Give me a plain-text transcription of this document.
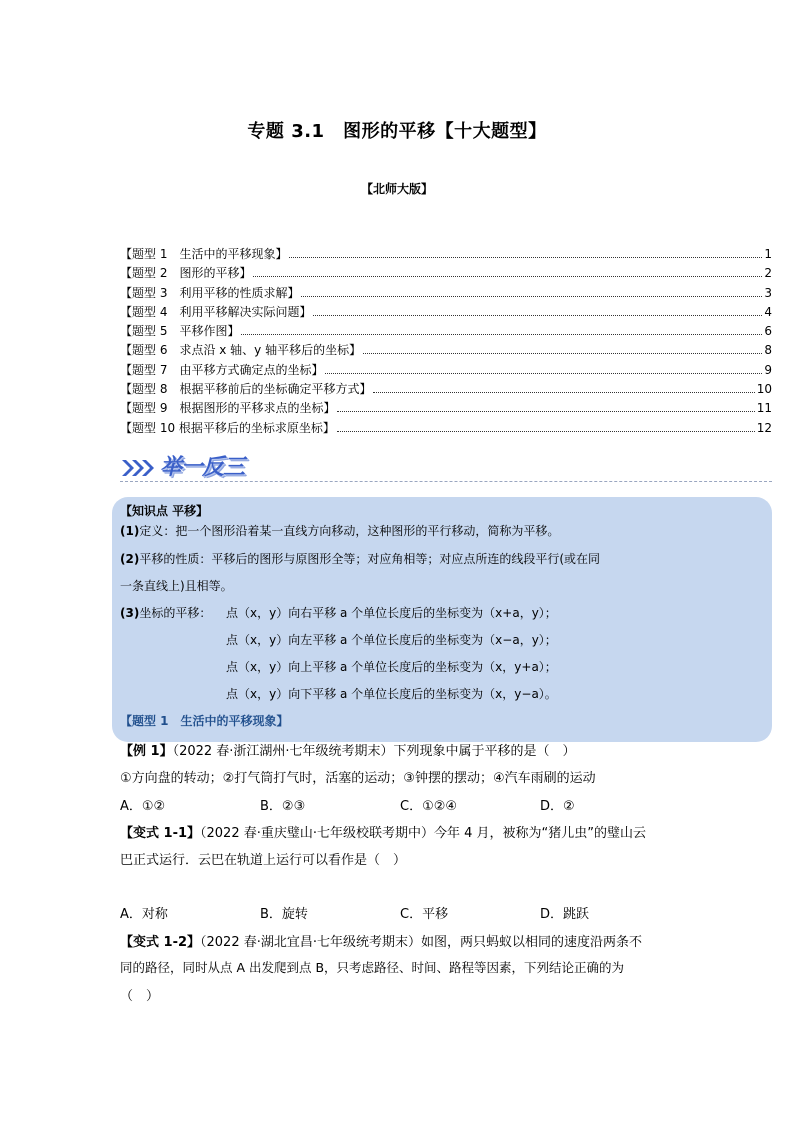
专题 3.1　图形的平移【十大题型】
【北师大版】
【题型 1　生活中的平移现象】	1
【题型 2　图形的平移】	2
【题型 3　利用平移的性质求解】	3
【题型 4　利用平移解决实际问题】	4
【题型 5　平移作图】	6
【题型 6　求点沿 x 轴、y 轴平移后的坐标】	8
【题型 7　由平移方式确定点的坐标】	9
【题型 8　根据平移前后的坐标确定平移方式】	10
【题型 9　根据图形的平移求点的坐标】	11
【题型 10 根据平移后的坐标求原坐标】	12
举一反三
【知识点 平移】
(1)定义：把一个图形沿着某一直线方向移动，这种图形的平行移动，简称为平移。
(2)平移的性质：平移后的图形与原图形全等；对应角相等；对应点所连的线段平行(或在同
一条直线上)且相等。
(3)坐标的平移： 点（x，y）向右平移 a 个单位长度后的坐标变为（x+a，y）；
点（x，y）向左平移 a 个单位长度后的坐标变为（x−a，y）；
点（x，y）向上平移 a 个单位长度后的坐标变为（x，y+a）；
点（x，y）向下平移 a 个单位长度后的坐标变为（x，y−a）。
【题型 1　生活中的平移现象】
【例 1】（2022 春·浙江湖州·七年级统考期末）下列现象中属于平移的是（　）
①方向盘的转动；②打气筒打气时，活塞的运动；③钟摆的摆动；④汽车雨刷的运动
A．①②	B．②③	C．①②④	D．②
【变式 1-1】（2022 春·重庆璧山·七年级校联考期中）今年 4 月，被称为“猪儿虫”的璧山云
巴正式运行．云巴在轨道上运行可以看作是（　）
A．对称	B．旋转	C．平移	D．跳跃
【变式 1-2】（2022 春·湖北宜昌·七年级统考期末）如图，两只蚂蚁以相同的速度沿两条不
同的路径，同时从点 A 出发爬到点 B，只考虑路径、时间、路程等因素，下列结论正确的为
（　）
